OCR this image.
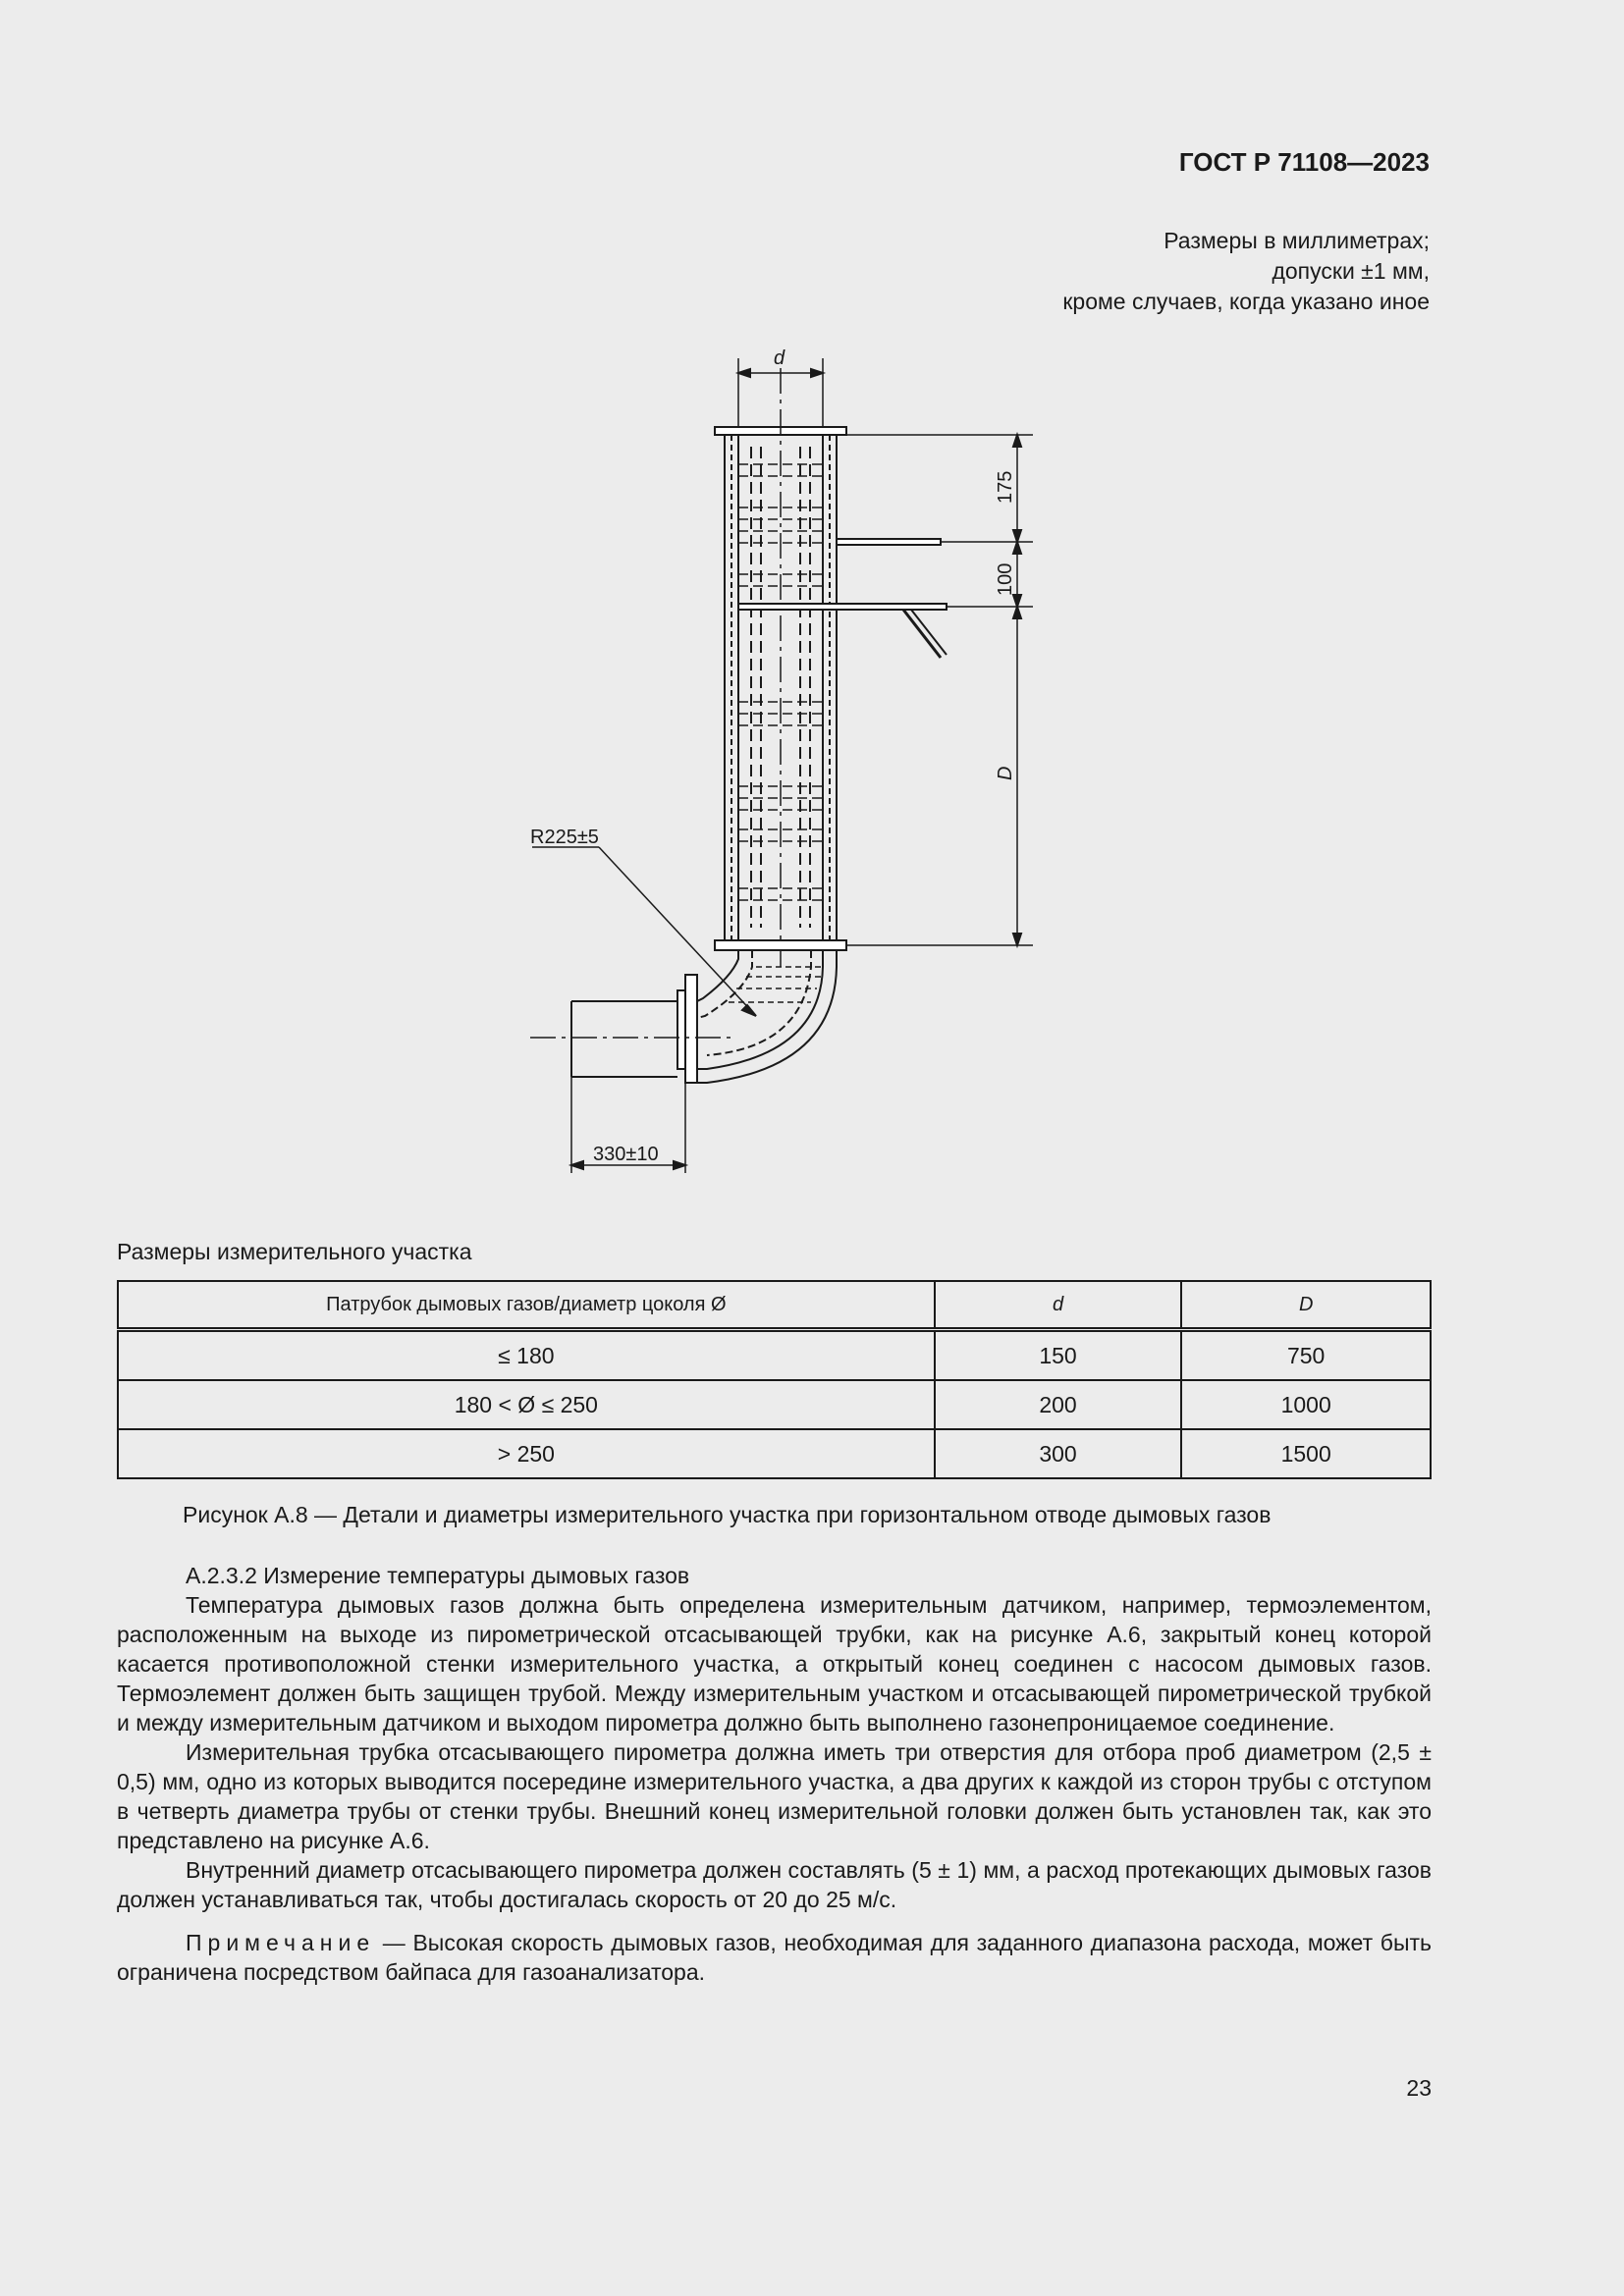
ГОСТ Р 71108—2023
Размеры в миллиметрах;
допуски ±1 мм,
кроме случаев, когда указано иное
d
175
100
D
R225±5
330±10
Размеры измерительного участка
Патрубок дымовых газов/диаметр цоколя Ø	d	D
≤ 180	150	750
180 < Ø ≤ 250	200	1000
> 250	300	1500
Рисунок А.8 — Детали и диаметры измерительного участка при горизонтальном отводе дымовых газов

А.2.3.2 Измерение температуры дымовых газов

Температура дымовых газов должна быть определена измерительным датчиком, например, термоэлементом, расположенным на выходе из пирометрической отсасывающей трубки, как на рисунке А.6, закрытый конец которой касается противоположной стенки измерительного участка, а открытый конец соединен с насосом дымовых газов. Термоэлемент должен быть защищен трубой. Между измерительным участком и отсасывающей пирометрической трубкой и между измерительным датчиком и выходом пирометра должно быть выполнено газонепроницаемое соединение.

Измерительная трубка отсасывающего пирометра должна иметь три отверстия для отбора проб диаметром (2,5 ± 0,5) мм, одно из которых выводится посередине измерительного участка, а два других к каждой из сторон трубы с отступом в четверть диаметра трубы от стенки трубы. Внешний конец измерительной головки должен быть установлен так, как это представлено на рисунке А.6.

Внутренний диаметр отсасывающего пирометра должен составлять (5 ± 1) мм, а расход протекающих дымовых газов должен устанавливаться так, чтобы достигалась скорость от 20 до 25 м/с.

Примечание — Высокая скорость дымовых газов, необходимая для заданного диапазона расхода, может быть ограничена посредством байпаса для газоанализатора.

23
